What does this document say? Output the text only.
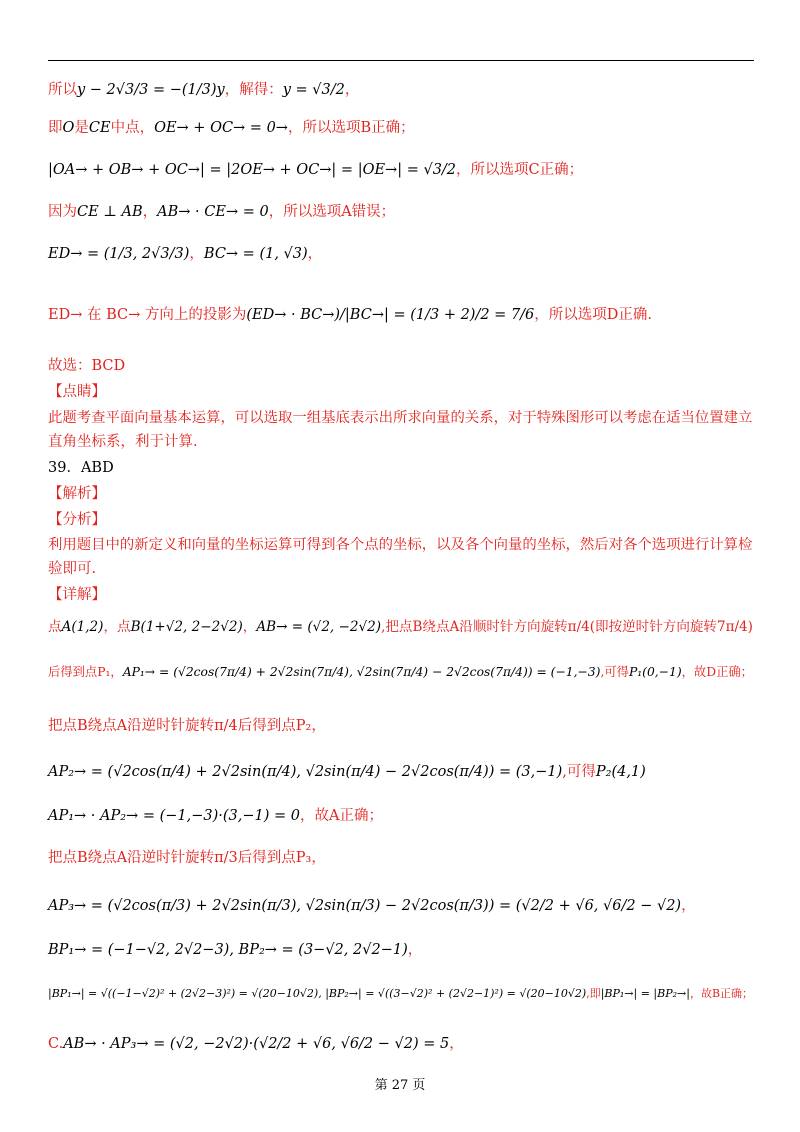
所以y − 2√3/3 = −(1/3)y，解得：y = √3/2，
即O是CE中点，OE→ + OC→ = 0→，所以选项B正确；
|OA→ + OB→ + OC→| = |2OE→ + OC→| = |OE→| = √3/2，所以选项C正确；
因为CE ⊥ AB，AB→ · CE→ = 0，所以选项A错误；
ED→ = (1/3, 2√3/3)，BC→ = (1, √3)，
ED→ 在 BC→ 方向上的投影为(ED→ · BC→)/|BC→| = (1/3 + 2)/2 = 7/6，所以选项D正确.
故选：BCD
【点睛】
此题考查平面向量基本运算，可以选取一组基底表示出所求向量的关系，对于特殊图形可以考虑在适当位置建立
直角坐标系，利于计算.
39．ABD
【解析】
【分析】
利用题目中的新定义和向量的坐标运算可得到各个点的坐标，以及各个向量的坐标，然后对各个选项进行计算检
验即可.
【详解】
点A(1,2)，点B(1+√2, 2−2√2)，AB→ = (√2, −2√2),把点B绕点A沿顺时针方向旋转π/4(即按逆时针方向旋转7π/4)
后得到点P₁，AP₁→ = (√2cos(7π/4) + 2√2sin(7π/4), √2sin(7π/4) − 2√2cos(7π/4)) = (−1,−3),可得P₁(0,−1)，故D正确；
把点B绕点A沿逆时针旋转π/4后得到点P₂，
AP₂→ = (√2cos(π/4) + 2√2sin(π/4), √2sin(π/4) − 2√2cos(π/4)) = (3,−1),可得P₂(4,1)
AP₁→ · AP₂→ = (−1,−3)·(3,−1) = 0，故A正确；
把点B绕点A沿逆时针旋转π/3后得到点P₃，
AP₃→ = (√2cos(π/3) + 2√2sin(π/3), √2sin(π/3) − 2√2cos(π/3)) = (√2/2 + √6, √6/2 − √2)，
BP₁→ = (−1−√2, 2√2−3), BP₂→ = (3−√2, 2√2−1)，
|BP₁→| = √((−1−√2)² + (2√2−3)²) = √(20−10√2), |BP₂→| = √((3−√2)² + (2√2−1)²) = √(20−10√2),即|BP₁→| = |BP₂→|，故B正确；
C.AB→ · AP₃→ = (√2, −2√2)·(√2/2 + √6, √6/2 − √2) = 5，
第 27 页
